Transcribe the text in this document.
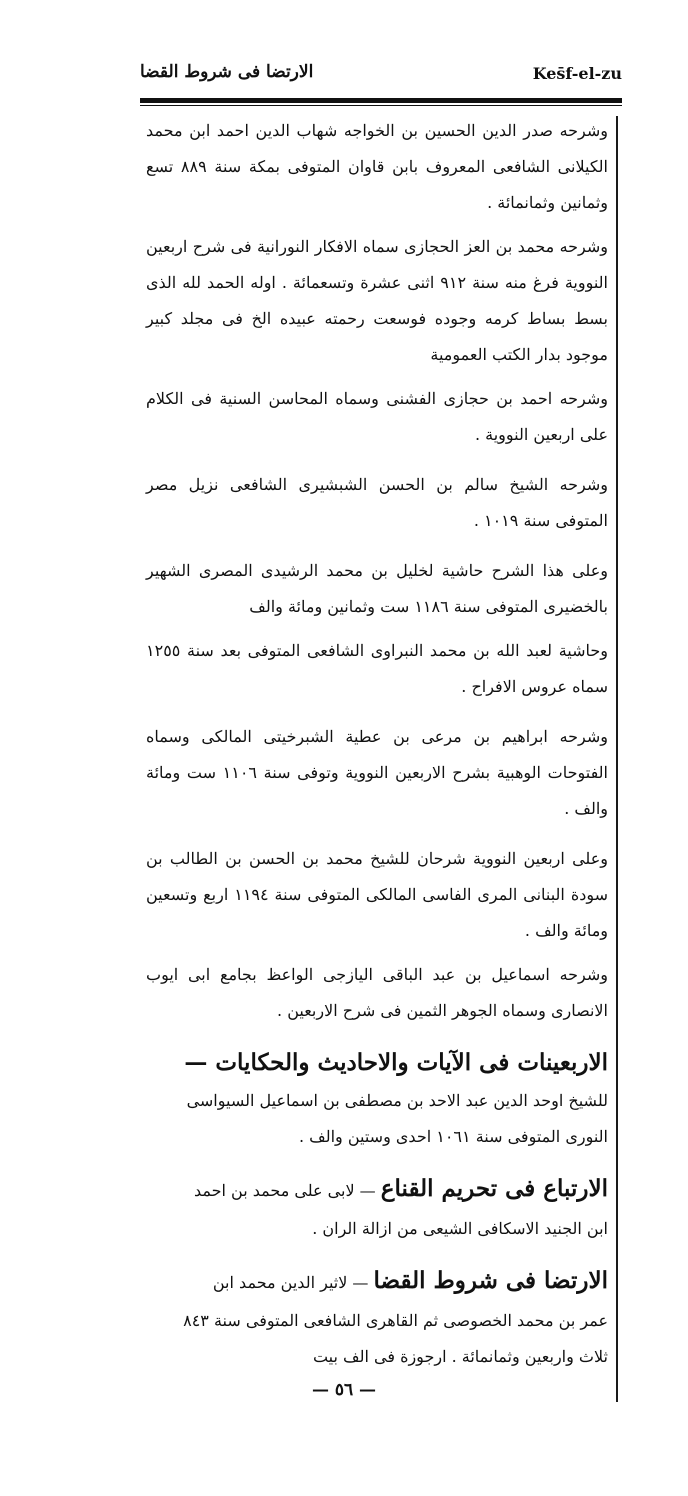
الارتضا فى شروط القضا	Kes̄f-el-zu

وشرحه صدر الدين الحسين بن الخواجه شهاب الدين احمد ابن محمد الكيلانى الشافعى المعروف بابن قاوان المتوفى بمكة سنة ٨٨٩ تسع وثمانين وثمانمائة .

وشرحه محمد بن العز الحجازى سماه الافكار النورانية فى شرح اربعين النووية فرغ منه سنة ٩١٢ اثنى عشرة وتسعمائة . اوله الحمد لله الذى بسط بساط كرمه وجوده فوسعت رحمته عبيده الخ فى مجلد كبير موجود بدار الكتب العمومية

وشرحه احمد بن حجازى الفشنى وسماه المحاسن السنية فى الكلام على اربعين النووية .

وشرحه الشيخ سالم بن الحسن الشبشيرى الشافعى نزيل مصر المتوفى سنة ١٠١٩ .

وعلى هذا الشرح حاشية لخليل بن محمد الرشيدى المصرى الشهير بالخضيرى المتوفى سنة ١١٨٦ ست وثمانين ومائة والف

وحاشية لعبد الله بن محمد النبراوى الشافعى المتوفى بعد سنة ١٢٥٥ سماه عروس الافراح .

وشرحه ابراهيم بن مرعى بن عطية الشبرخيتى المالكى وسماه الفتوحات الوهبية بشرح الاربعين النووية وتوفى سنة ١١٠٦ ست ومائة والف .

وعلى اربعين النووية شرحان للشيخ محمد بن الحسن بن الطالب بن سودة البنانى المرى الفاسى المالكى المتوفى سنة ١١٩٤ اربع وتسعين ومائة والف .

وشرحه اسماعيل بن عبد الباقى اليازجى الواعظ بجامع ابى ايوب الانصارى وسماه الجوهر الثمين فى شرح الاربعين .

الاربعينات فى الآيات والاحاديث والحكايات —

للشيخ اوحد الدين عبد الاحد بن مصطفى بن اسماعيل السيواسى

النورى المتوفى سنة ١٠٦١ احدى وستين والف .

الارتباع فى تحريم القناع — لابى على محمد بن احمد

ابن الجنيد الاسكافى الشيعى من ازالة الران .

الارتضا فى شروط القضا — لاثير الدين محمد ابن

عمر بن محمد الخصوصى ثم القاهرى الشافعى المتوفى سنة ٨٤٣

ثلاث واربعين وثمانمائة . ارجوزة فى الف بيت

— ٥٦ —
